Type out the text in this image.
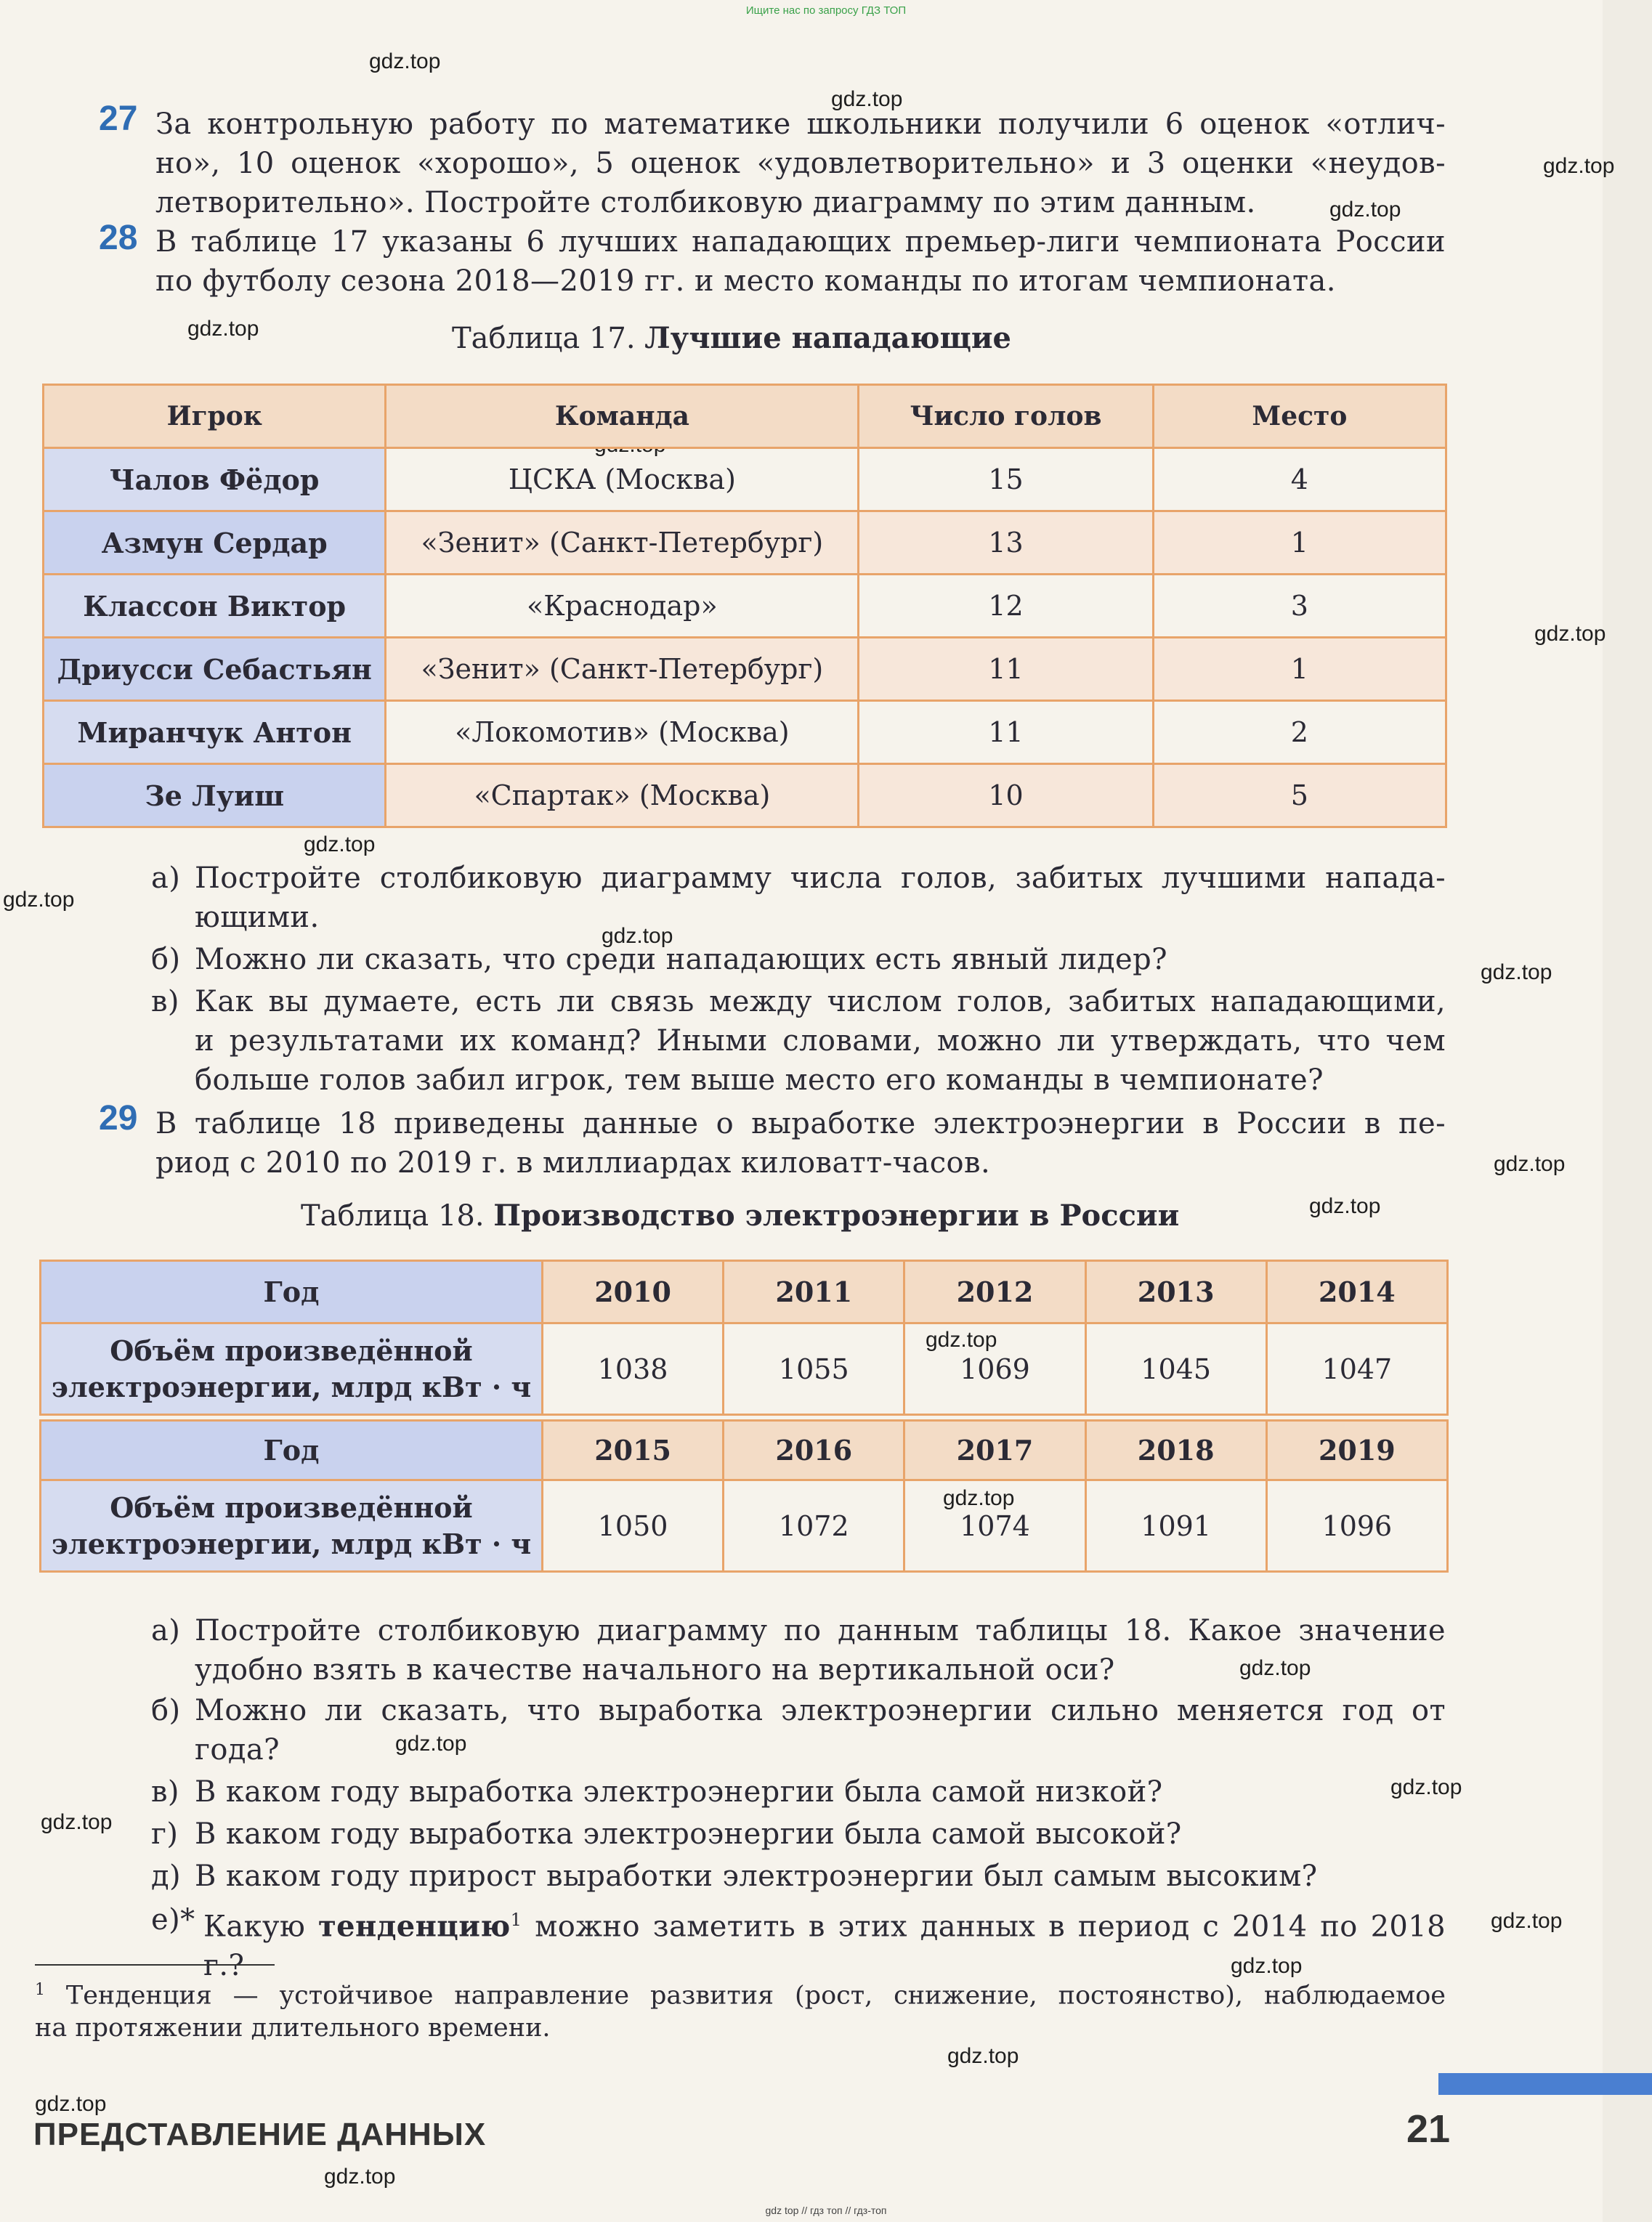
Ищите нас по запросу ГДЗ ТОП
gdz.top
gdz.top
gdz.top
gdz.top
gdz.top
gdz.top
gdz.top
gdz.top
gdz.top
gdz.top
gdz.top
gdz.top
gdz.top
gdz.top
gdz.top
gdz.top
gdz.top
gdz.top
gdz.top
gdz.top
gdz.top
gdz.top
gdz.top
27 За контрольную работу по математике школьники получили 6 оценок «отлич-
но», 10 оценок «хорошо», 5 оценок «удовлетворительно» и 3 оценки «неудов-
летворительно». Постройте столбиковую диаграмму по этим данным.
28 В таблице 17 указаны 6 лучших нападающих премьер-лиги чемпионата России
по футболу сезона 2018—2019 гг. и место команды по итогам чемпионата.
Таблица 17. Лучшие нападающие
Игрок	Команда	Число голов	Место
Чалов Фёдор	ЦСКА (Москва)	15	4
Азмун Сердар	«Зенит» (Санкт-Петербург)	13	1
Классон Виктор	«Краснодар»	12	3
Дриусси Себастьян	«Зенит» (Санкт-Петербург)	11	1
Миранчук Антон	«Локомотив» (Москва)	11	2
Зе Луиш	«Спартак» (Москва)	10	5
а) Постройте столбиковую диаграмму числа голов, забитых лучшими напада-
ющими.
б) Можно ли сказать, что среди нападающих есть явный лидер?
в) Как вы думаете, есть ли связь между числом голов, забитых нападающими,
и результатами их команд? Иными словами, можно ли утверждать, что чем
больше голов забил игрок, тем выше место его команды в чемпионате?
29 В таблице 18 приведены данные о выработке электроэнергии в России в пе-
риод с 2010 по 2019 г. в миллиардах киловатт-часов.
Таблица 18. Производство электроэнергии в России
Год	2010	2011	2012	2013	2014

Объём произведённой
электроэнергии, млрд кВт · ч	1038	1055	1069	1045	1047
Год	2015	2016	2017	2018	2019

Объём произведённой
электроэнергии, млрд кВт · ч	1050	1072	1074	1091	1096
а) Постройте столбиковую диаграмму по данным таблицы 18. Какое значение
удобно взять в качестве начального на вертикальной оси?
б) Можно ли сказать, что выработка электроэнергии сильно меняется год от
года?
в) В каком году выработка электроэнергии была самой низкой?
г) В каком году выработка электроэнергии была самой высокой?
д) В каком году прирост выработки электроэнергии был самым высоким?
е)* Какую тенденцию$^1$ можно заметить в этих данных в период с 2014 по 2018 г.?
$^1$ Тенденция — устойчивое направление развития (рост, снижение, постоянство), наблюдаемое
на протяжении длительного времени.
ПРЕДСТАВЛЕНИЕ ДАННЫХ	21
gdz top // гдз топ // гдз-топ
